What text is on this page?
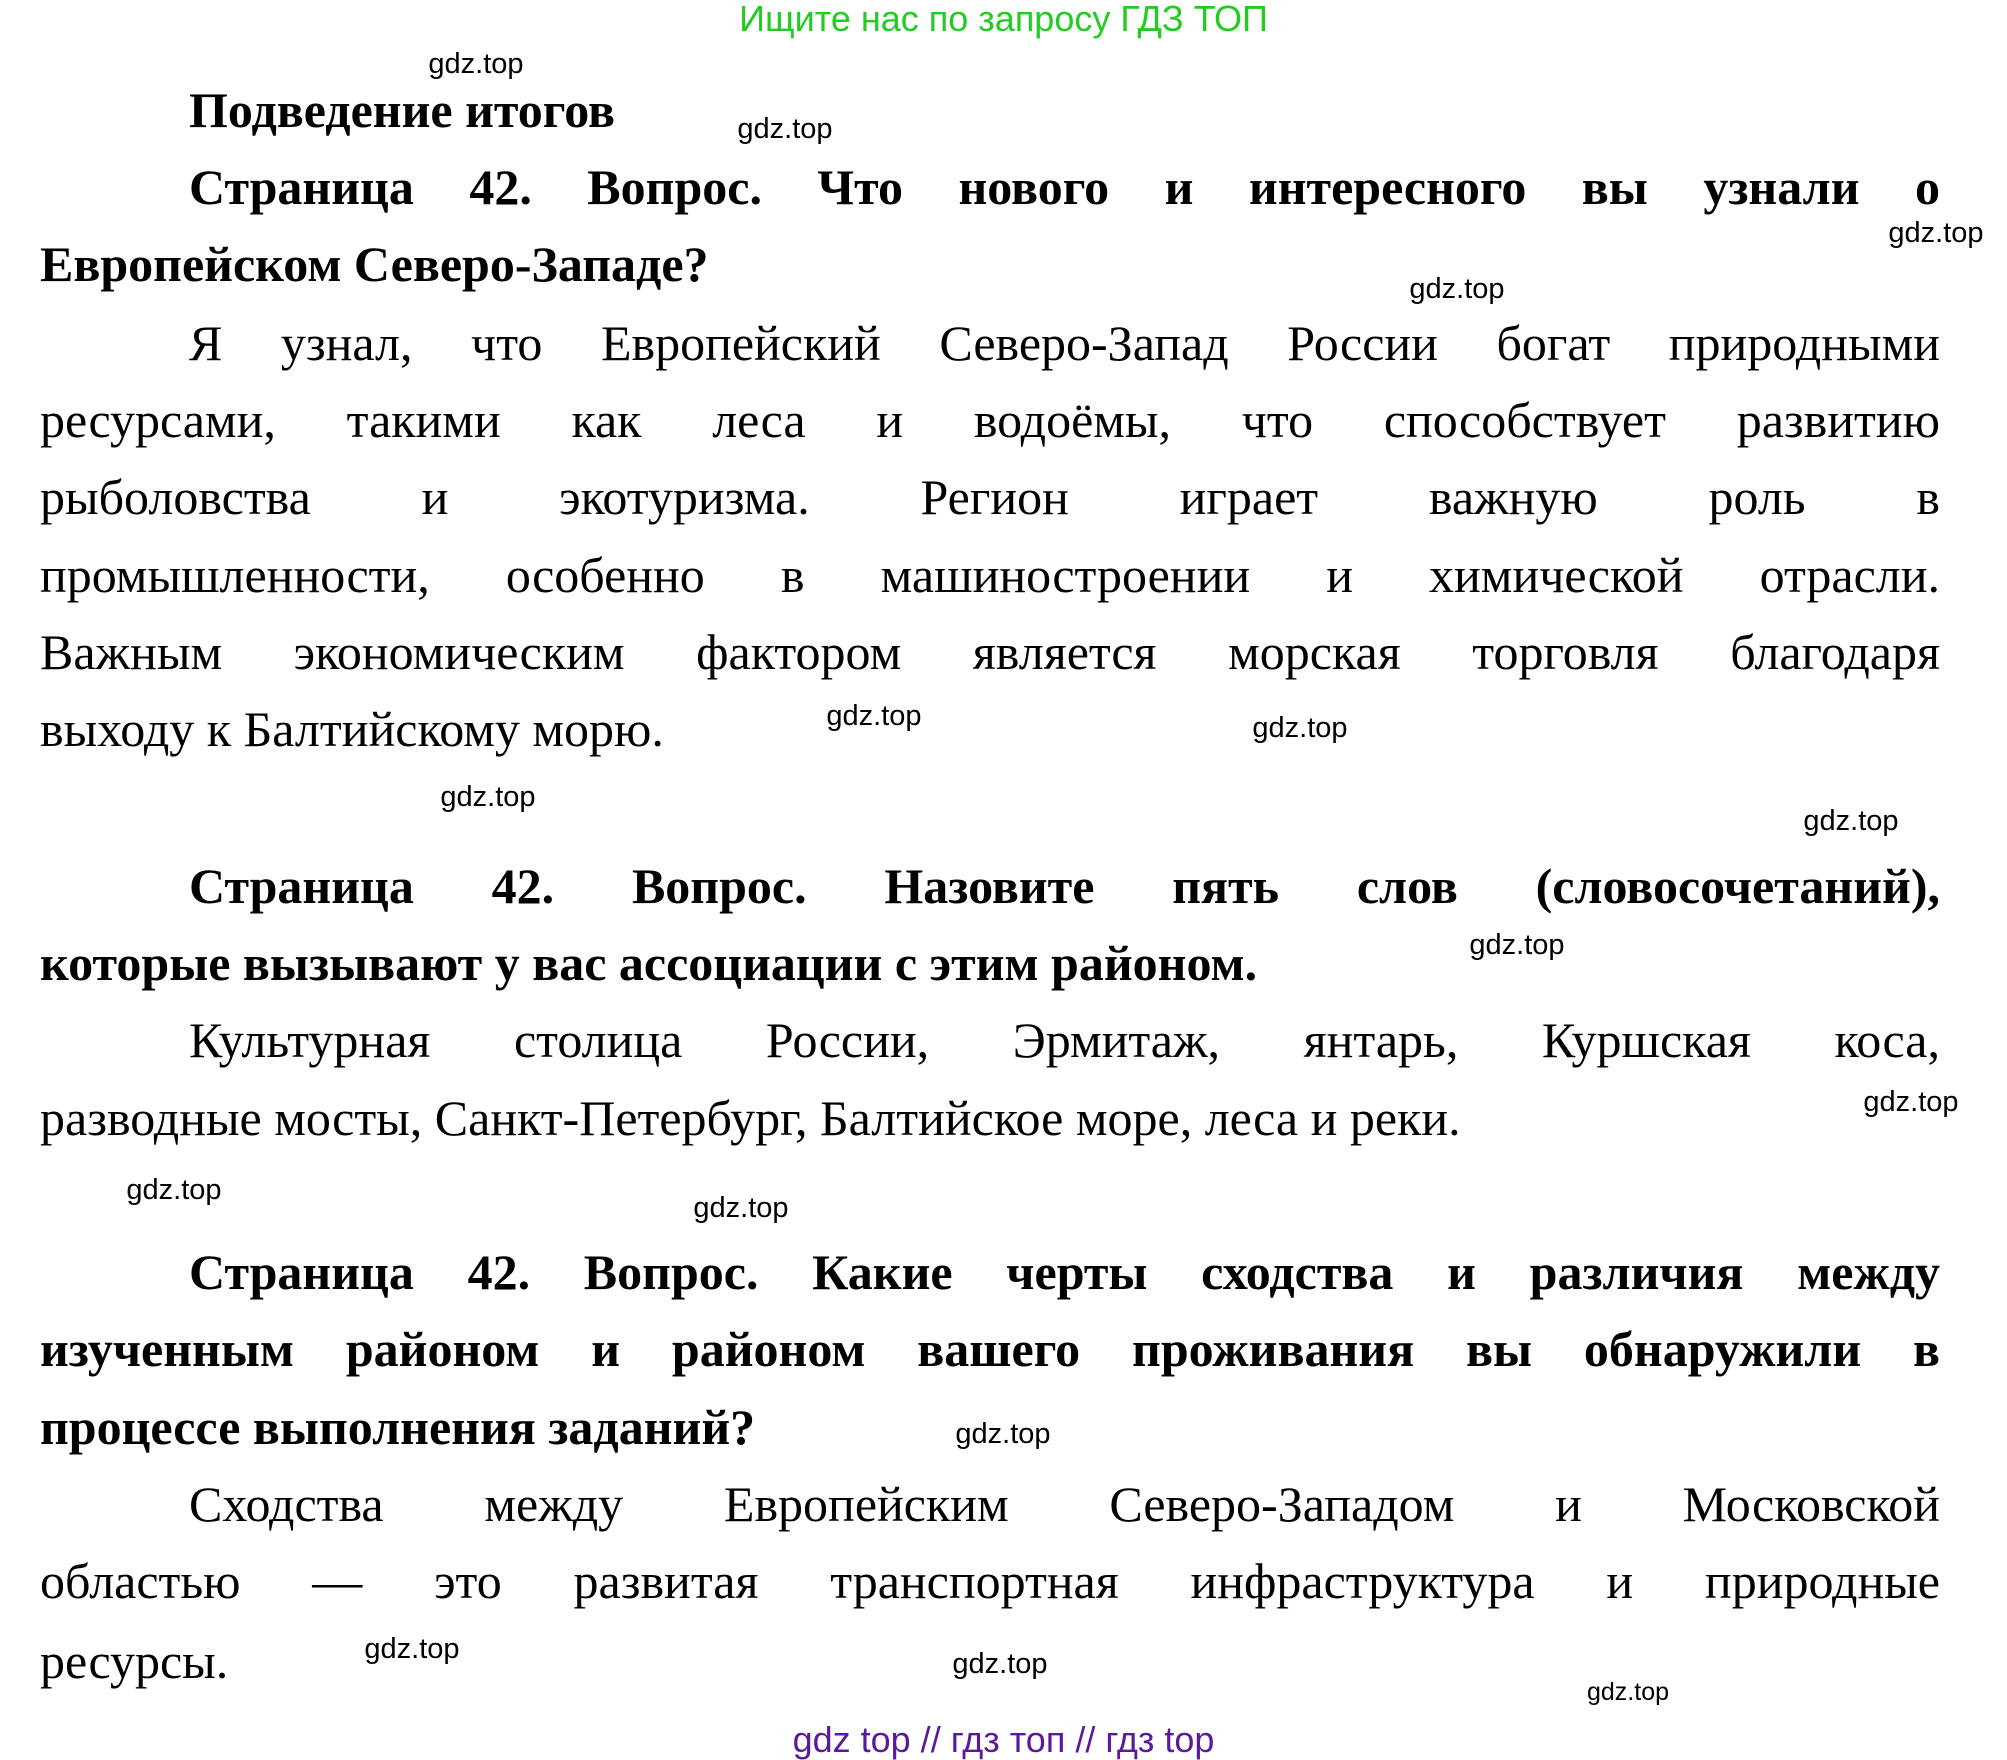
Ищите нас по запросу ГДЗ ТОП
Подведение итогов
Страница 42. Вопрос. Что нового и интересного вы узнали о
Европейском Северо-Западе?
Я узнал, что Европейский Северо-Запад России богат природными
ресурсами, такими как леса и водоёмы, что способствует развитию
рыболовства и экотуризма. Регион играет важную роль в
промышленности, особенно в машиностроении и химической отрасли.
Важным экономическим фактором является морская торговля благодаря
выходу к Балтийскому морю.
Страница 42. Вопрос. Назовите пять слов (словосочетаний),
которые вызывают у вас ассоциации с этим районом.
Культурная столица России, Эрмитаж, янтарь, Куршская коса,
разводные мосты, Санкт-Петербург, Балтийское море, леса и реки.
Страница 42. Вопрос. Какие черты сходства и различия между
изученным районом и районом вашего проживания вы обнаружили в
процессе выполнения заданий?
Сходства между Европейским Северо-Западом и Московской
областью — это развитая транспортная инфраструктура и природные
ресурсы.
gdz.top
gdz.top
gdz.top
gdz.top
gdz.top
gdz.top
gdz.top
gdz.top
gdz.top
gdz.top
gdz.top
gdz.top
gdz.top
gdz.top
gdz.top
gdz.top
gdz top // гдз топ // гдз top
